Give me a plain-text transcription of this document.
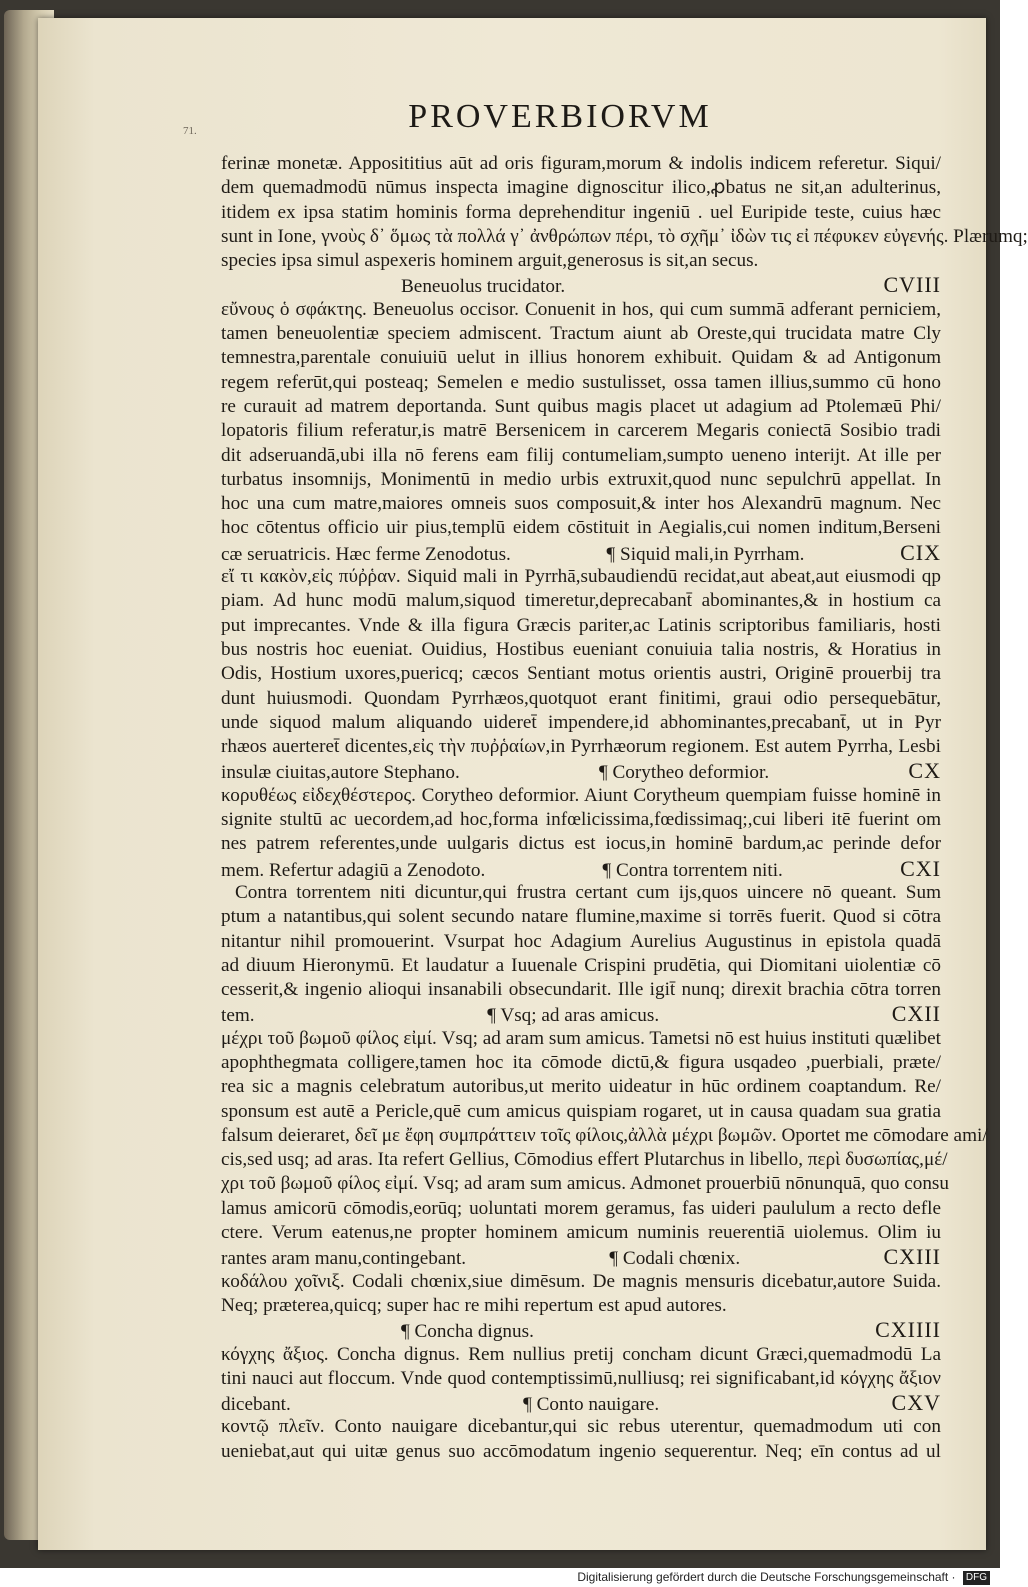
71.	PROVERBIORVM
ferinæ monetæ. Apposititius aūt ad oris figuram,morum & indolis indicem referetur. Siqui/
dem quemadmodū nūmus inspecta imagine dignoscitur ilico,ꝓbatus ne sit,an adulterinus,
itidem ex ipsa statim hominis forma deprehenditur ingeniū . uel Euripide teste, cuius hæc
sunt in Ione, γνοὺς δ᾽ ὅμως τὰ πολλά γ᾽ ἀνθρώπων πέρι, τὸ σχῆμ᾽ ἰδὼν τις εἰ πέφυκεν εὐγενής. Plærumq;
species ipsa simul aspexeris hominem arguit,generosus is sit,an secus.
Beneuolus trucidator.	CVIII
εὔνους ὁ σφάκτης. Beneuolus occisor. Conuenit in hos, qui cum summā adferant perniciem,
tamen beneuolentiæ speciem admiscent. Tractum aiunt ab Oreste,qui trucidata matre Cly
temnestra,parentale conuiuiū uelut in illius honorem exhibuit. Quidam & ad Antigonum
regem referūt,qui posteaq; Semelen e medio sustulisset, ossa tamen illius,summo cū hono
re curauit ad matrem deportanda. Sunt quibus magis placet ut adagium ad Ptolemæū Phi/
lopatoris filium referatur,is matrē Bersenicem in carcerem Megaris coniectā Sosibio tradi
dit adseruandā,ubi illa nō ferens eam filij contumeliam,sumpto ueneno interijt. At ille per
turbatus insomnijs, Monimentū in medio urbis extruxit,quod nunc sepulchrū appellat. In
hoc una cum matre,maiores omneis suos composuit,& inter hos Alexandrū magnum. Nec
hoc cōtentus officio uir pius,templū eidem cōstituit in Aegialis,cui nomen inditum,Berseni
cæ seruatricis. Hæc ferme Zenodotus.	¶ Siquid mali,in Pyrrham.	CIX
εἴ τι κακὸν,εἰς πύῤῥαν. Siquid mali in Pyrrhā,subaudiendū recidat,aut abeat,aut eiusmodi qp
piam. Ad hunc modū malum,siquod timeretur,deprecabant̄ abominantes,& in hostium ca
put imprecantes. Vnde & illa figura Græcis pariter,ac Latinis scriptoribus familiaris, hosti
bus nostris hoc eueniat. Ouidius, Hostibus eueniant conuiuia talia nostris, & Horatius in
Odis, Hostium uxores,puericq; cæcos Sentiant motus orientis austri, Originē prouerbij tra
dunt huiusmodi. Quondam Pyrrhæos,quotquot erant finitimi, graui odio persequebātur,
unde siquod malum aliquando uideret̄ impendere,id abhominantes,precabant̄, ut in Pyr
rhæos auerteret̄ dicentes,εἰς τὴν πυῤῥαίων,in Pyrrhæorum regionem. Est autem Pyrrha, Lesbi
insulæ ciuitas,autore Stephano.	¶ Corytheo deformior.	CX
κορυθέως εἰδεχθέστερος. Corytheo deformior. Aiunt Corytheum quempiam fuisse hominē in
signite stultū ac uecordem,ad hoc,forma infœlicissima,fœdissimaq;,cui liberi itē fuerint om
nes patrem referentes,unde uulgaris dictus est iocus,in hominē bardum,ac perinde defor
mem. Refertur adagiū a Zenodoto.	¶ Contra torrentem niti.	CXI
Contra torrentem niti dicuntur,qui frustra certant cum ijs,quos uincere nō queant. Sum
ptum a natantibus,qui solent secundo natare flumine,maxime si torrēs fuerit. Quod si cōtra
nitantur nihil promouerint. Vsurpat hoc Adagium Aurelius Augustinus in epistola quadā
ad diuum Hieronymū. Et laudatur a Iuuenale Crispini prudētia, qui Diomitani uiolentiæ cō
cesserit,& ingenio alioqui insanabili obsecundarit. Ille igit̄ nunq; direxit brachia cōtra torren
tem.	¶ Vsq; ad aras amicus.	CXII
μέχρι τοῦ βωμοῦ φίλος εἰμί. Vsq; ad aram sum amicus. Tametsi nō est huius instituti quælibet
apophthegmata colligere,tamen hoc ita cōmode dictū,& figura usqadeo ,puerbiali, præte/
rea sic a magnis celebratum autoribus,ut merito uideatur in hūc ordinem coaptandum. Re/
sponsum est autē a Pericle,quē cum amicus quispiam rogaret, ut in causa quadam sua gratia
falsum deieraret, δεῖ με ἔφη συμπράττειν τοῖς φίλοις,ἀλλὰ μέχρι βωμῶν. Oportet me cōmodare ami/
cis,sed usq; ad aras. Ita refert Gellius, Cōmodius effert Plutarchus in libello, περὶ δυσωπίας,μέ/
χρι τοῦ βωμοῦ φίλος εἰμί. Vsq; ad aram sum amicus. Admonet prouerbiū nōnunquā, quo consu
lamus amicorū cōmodis,eorūq; uoluntati morem geramus, fas uideri paululum a recto defle
ctere. Verum eatenus,ne propter hominem amicum numinis reuerentiā uiolemus. Olim iu
rantes aram manu,contingebant.	¶ Codali chœnix.	CXIII
κοδάλου χοῖνιξ. Codali chœnix,siue dimēsum. De magnis mensuris dicebatur,autore Suida.
Neq; præterea,quicq; super hac re mihi repertum est apud autores.
¶ Concha dignus.	CXIIII
κόγχης ἄξιος. Concha dignus. Rem nullius pretij concham dicunt Græci,quemadmodū La
tini nauci aut floccum. Vnde quod contemptissimū,nulliusq; rei significabant,id κόγχης ἄξιον
dicebant.	¶ Conto nauigare.	CXV
κοντῷ πλεῖν. Conto nauigare dicebantur,qui sic rebus uterentur, quemadmodum uti con
ueniebat,aut qui uitæ genus suo accōmodatum ingenio sequerentur. Neq; eīn contus ad ul
Digitalisierung gefördert durch die Deutsche Forschungsgemeinschaft · DFG
